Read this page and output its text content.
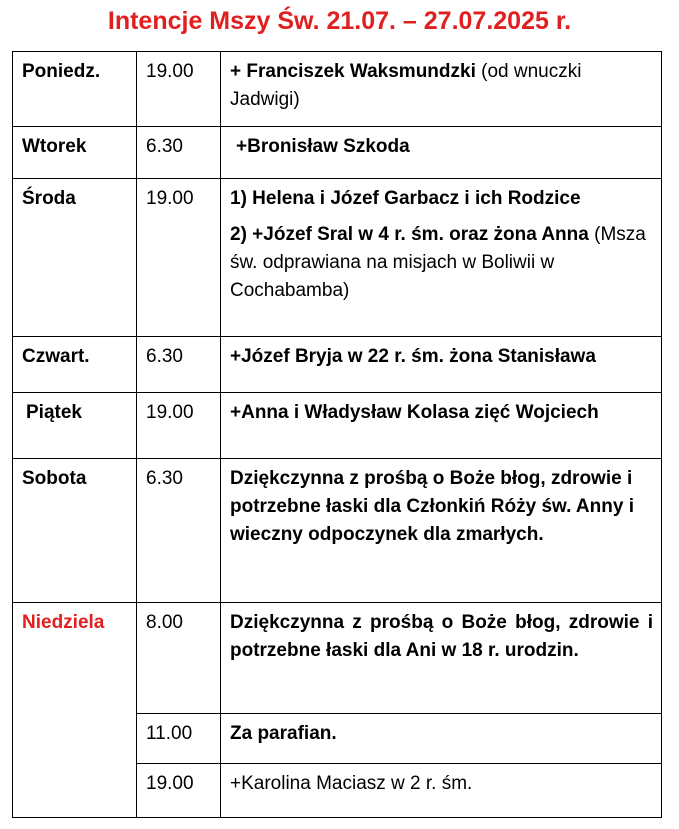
Intencje Mszy Św. 21.07. – 27.07.2025 r.
Poniedz.	19.00	+ Franciszek Waksmundzki (od wnuczki Jadwigi)
Wtorek	6.30	+Bronisław Szkoda
Środa	19.00	1) Helena i Józef Garbacz i ich Rodzice
2) +Józef Sral w 4 r. śm. oraz żona Anna (Msza św. odprawiana na misjach w Boliwii w Cochabamba)

Czwart.	6.30	+Józef Bryja w 22 r. śm. żona Stanisława
Piątek	19.00	+Anna i Władysław Kolasa zięć Wojciech
Sobota	6.30	Dziękczynna z prośbą o Boże błog, zdrowie i potrzebne łaski dla Członkiń Róży św. Anny i wieczny odpoczynek dla zmarłych.
Niedziela	8.00	Dziękczynna z prośbą o Boże błog, zdrowie i potrzebne łaski dla Ani w 18 r. urodzin.
	11.00	Za parafian.
	19.00	+Karolina Maciasz w 2 r. śm.
